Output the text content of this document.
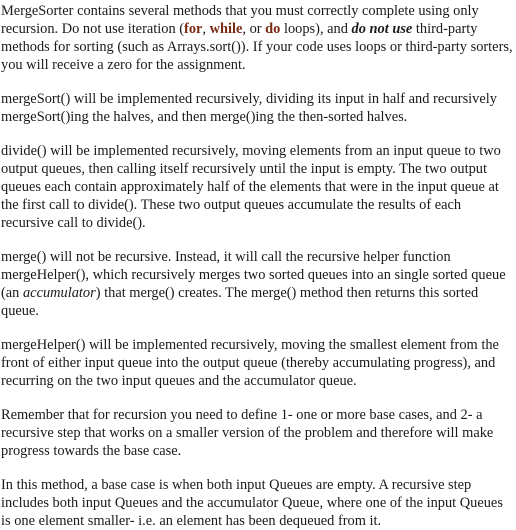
MergeSorter contains several methods that you must correctly complete using only recursion. Do not use iteration (for, while, or do loops), and do not use third-party methods for sorting (such as Arrays.sort()). If your code uses loops or third-party sorters, you will receive a zero for the assignment.

mergeSort() will be implemented recursively, dividing its input in half and recursively mergeSort()ing the halves, and then merge()ing the then-sorted halves.

divide() will be implemented recursively, moving elements from an input queue to two output queues, then calling itself recursively until the input is empty. The two output queues each contain approximately half of the elements that were in the input queue at the first call to divide(). These two output queues accumulate the results of each recursive call to divide().

merge() will not be recursive. Instead, it will call the recursive helper function mergeHelper(), which recursively merges two sorted queues into an single sorted queue (an accumulator) that merge() creates. The merge() method then returns this sorted queue.

mergeHelper() will be implemented recursively, moving the smallest element from the front of either input queue into the output queue (thereby accumulating progress), and recurring on the two input queues and the accumulator queue.

Remember that for recursion you need to define 1- one or more base cases, and 2- a recursive step that works on a smaller version of the problem and therefore will make progress towards the base case.

In this method, a base case is when both input Queues are empty. A recursive step includes both input Queues and the accumulator Queue, where one of the input Queues is one element smaller- i.e. an element has been dequeued from it.
